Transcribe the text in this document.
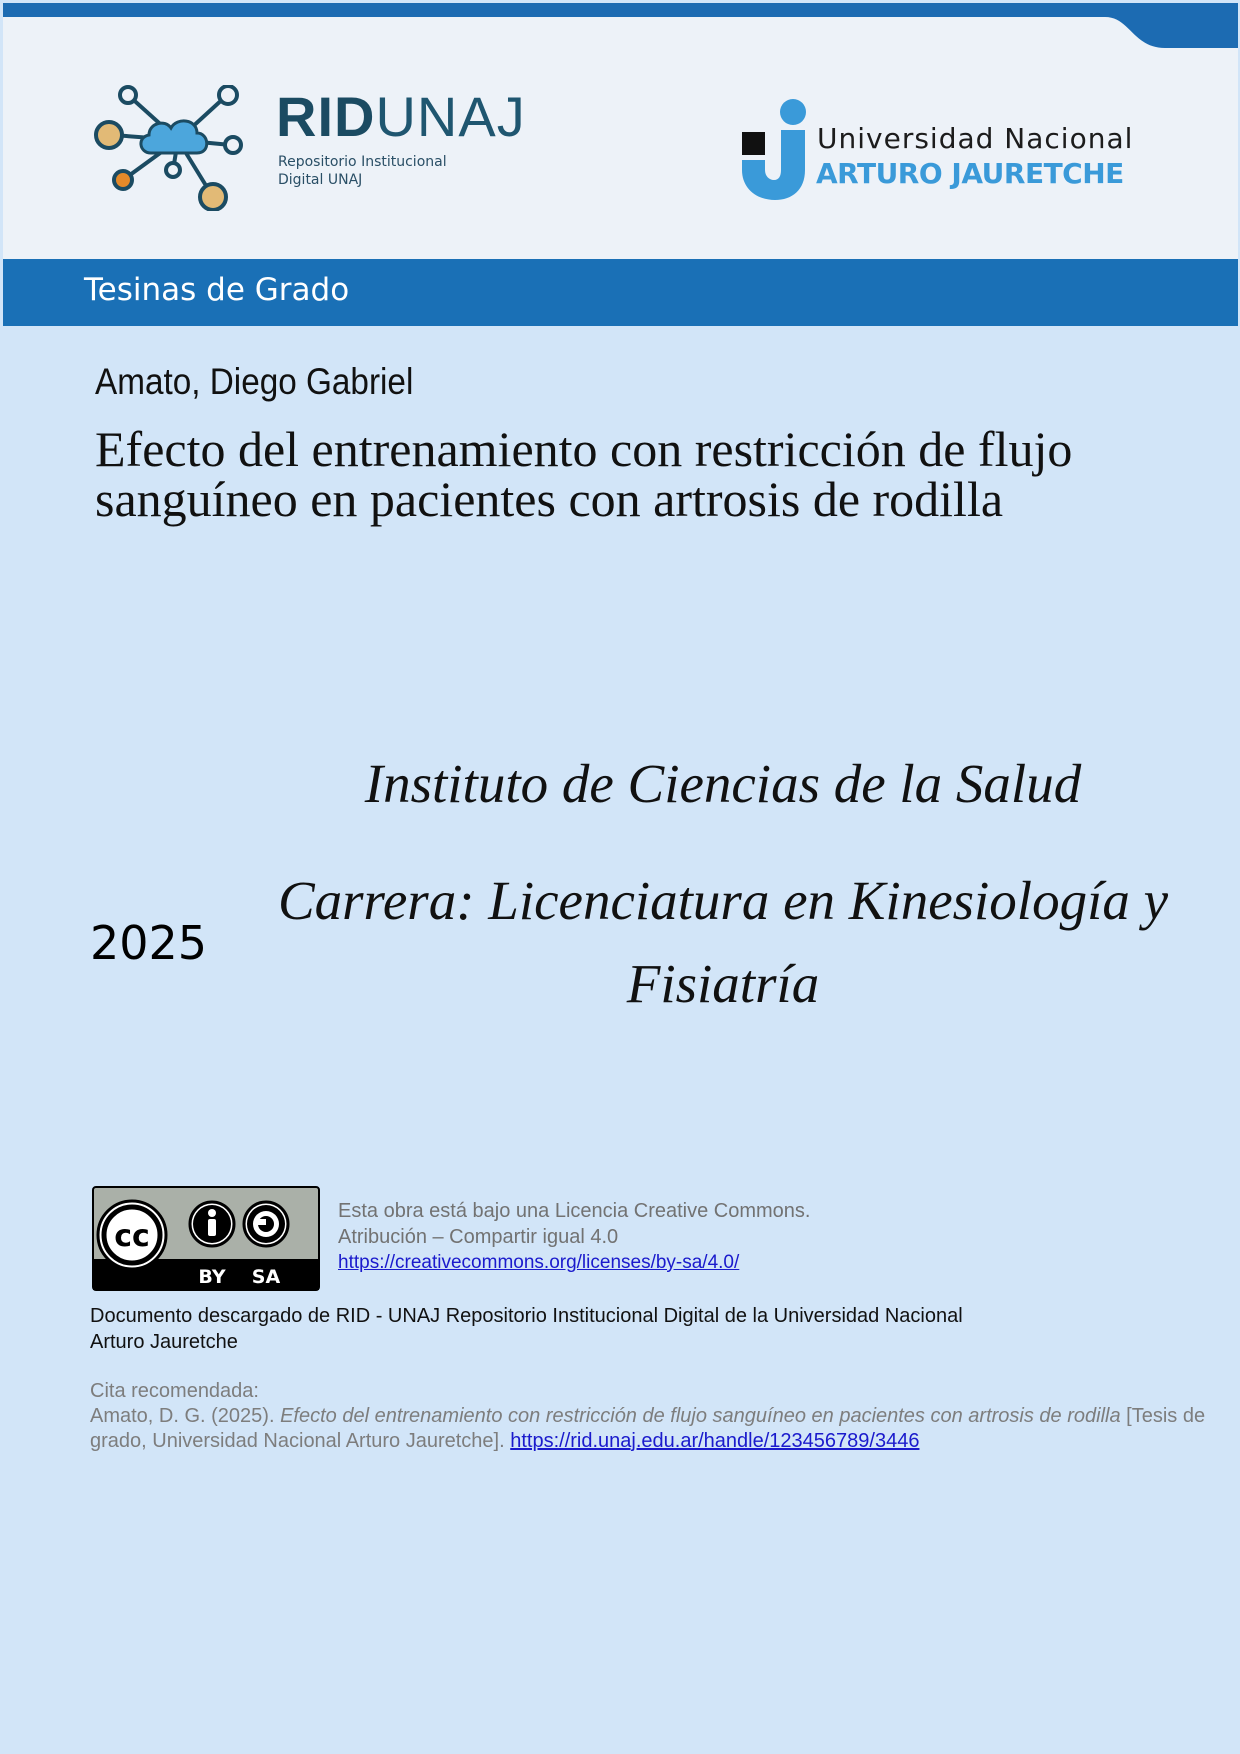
RIDUNAJ
Repositorio Institucional
Digital UNAJ
Universidad Nacional
ARTURO JAURETCHE
Tesinas de Grado
Amato, Diego Gabriel
Efecto del entrenamiento con restricción de flujo sanguíneo en pacientes con artrosis de rodilla
Instituto de Ciencias de la Salud
Carrera: Licenciatura en Kinesiología y Fisiatría
2025
cc
BY SA
Esta obra está bajo una Licencia Creative Commons.
Atribución – Compartir igual 4.0
https://creativecommons.org/licenses/by-sa/4.0/
Documento descargado de RID - UNAJ Repositorio Institucional Digital de la Universidad Nacional Arturo Jauretche
Cita recomendada:
Amato, D. G. (2025). Efecto del entrenamiento con restricción de flujo sanguíneo en pacientes con artrosis de rodilla [Tesis de grado, Universidad Nacional Arturo Jauretche]. https://rid.unaj.edu.ar/handle/123456789/3446
